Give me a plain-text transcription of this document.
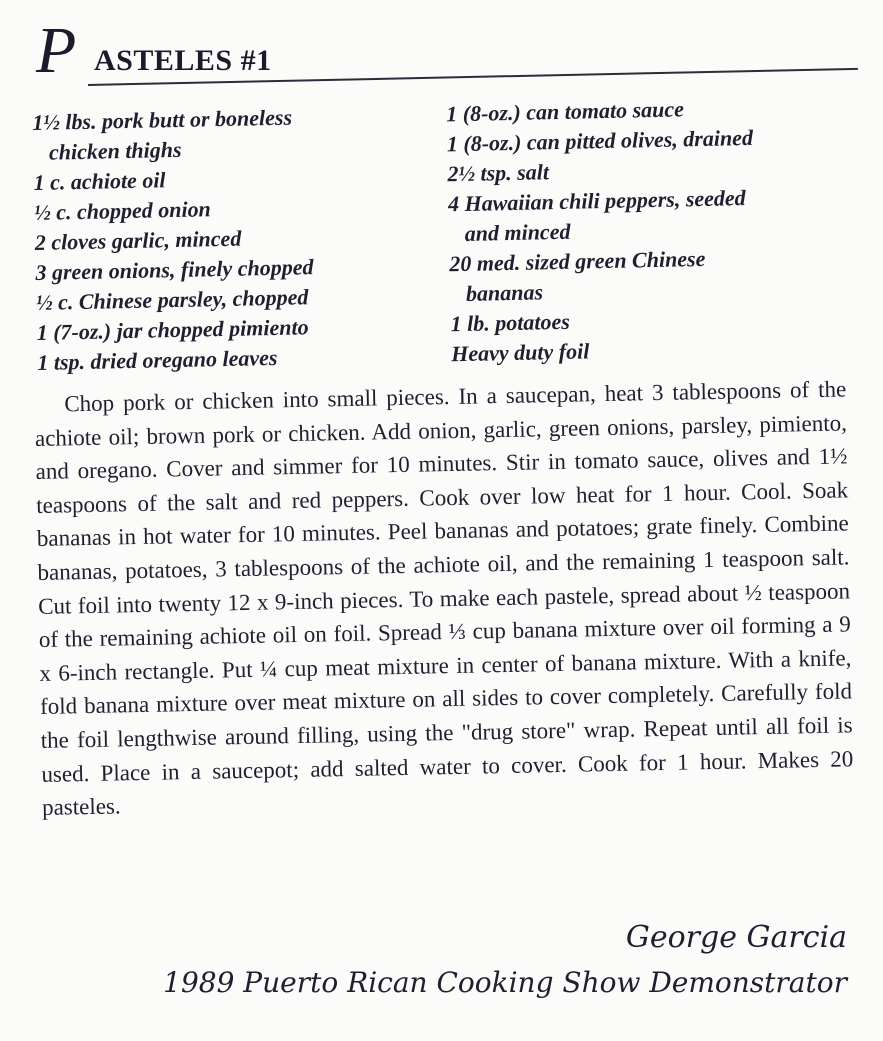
P ASTELES #1
1½ lbs. pork butt or boneless
chicken thighs
1 c. achiote oil
½ c. chopped onion
2 cloves garlic, minced
3 green onions, finely chopped
½ c. Chinese parsley, chopped
1 (7-oz.) jar chopped pimiento
1 tsp. dried oregano leaves
1 (8-oz.) can tomato sauce
1 (8-oz.) can pitted olives, drained
2½ tsp. salt
4 Hawaiian chili peppers, seeded
and minced
20 med. sized green Chinese
bananas
1 lb. potatoes
Heavy duty foil

Chop pork or chicken into small pieces. In a saucepan, heat 3 tablespoons of the achiote oil; brown pork or chicken. Add onion, garlic, green onions, parsley, pimiento, and oregano. Cover and simmer for 10 minutes. Stir in tomato sauce, olives and 1½ teaspoons of the salt and red peppers. Cook over low heat for 1 hour. Cool. Soak bananas in hot water for 10 minutes. Peel bananas and potatoes; grate finely. Combine bananas, potatoes, 3 tablespoons of the achiote oil, and the remaining 1 teaspoon salt. Cut foil into twenty 12 x 9-inch pieces. To make each pastele, spread about ½ teaspoon of the remaining achiote oil on foil. Spread ⅓ cup banana mixture over oil forming a 9 x 6-inch rectangle. Put ¼ cup meat mixture in center of banana mixture. With a knife, fold banana mixture over meat mixture on all sides to cover completely. Carefully fold the foil lengthwise around filling, using the "drug store" wrap. Repeat until all foil is used. Place in a saucepot; add salted water to cover. Cook for 1 hour. Makes 20 pasteles.

George Garcia
1989 Puerto Rican Cooking Show Demonstrator
